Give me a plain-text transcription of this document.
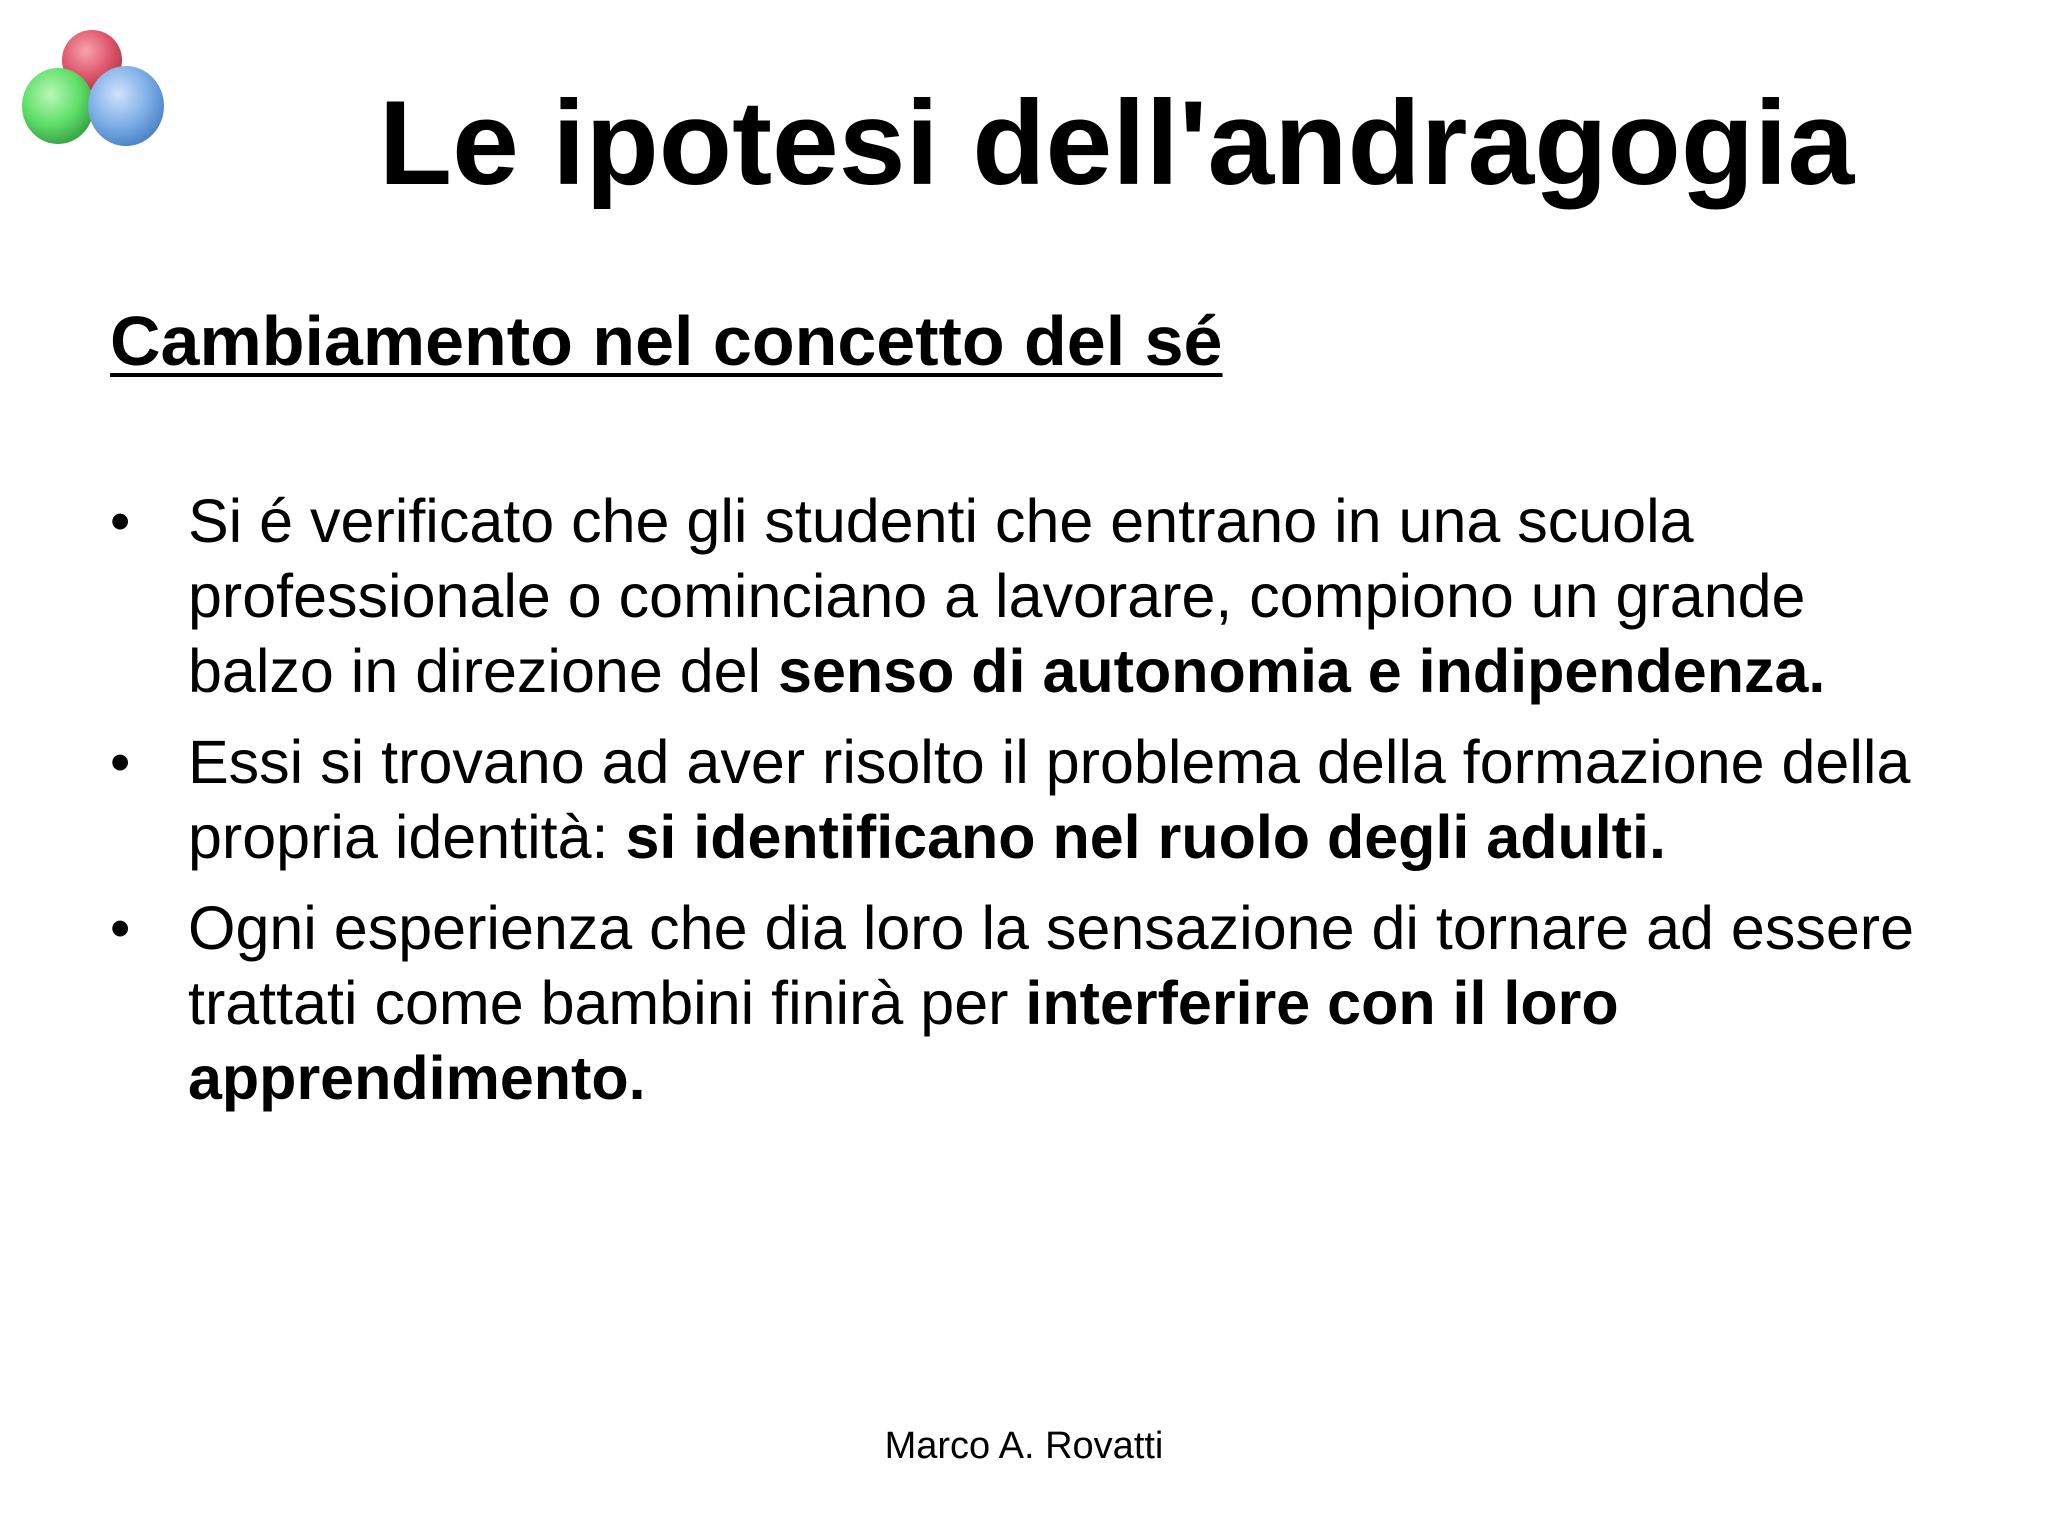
Le ipotesi dell'andragogia
Cambiamento nel concetto del sé
• Si é verificato che gli studenti che entrano in una scuola professionale o cominciano a lavorare, compiono un grande balzo in direzione del senso di autonomia e indipendenza.
• Essi si trovano ad aver risolto il problema della formazione della propria identità: si identificano nel ruolo degli adulti.
• Ogni esperienza che dia loro la sensazione di tornare ad essere trattati come bambini finirà per interferire con il loro apprendimento.
Marco A. Rovatti
